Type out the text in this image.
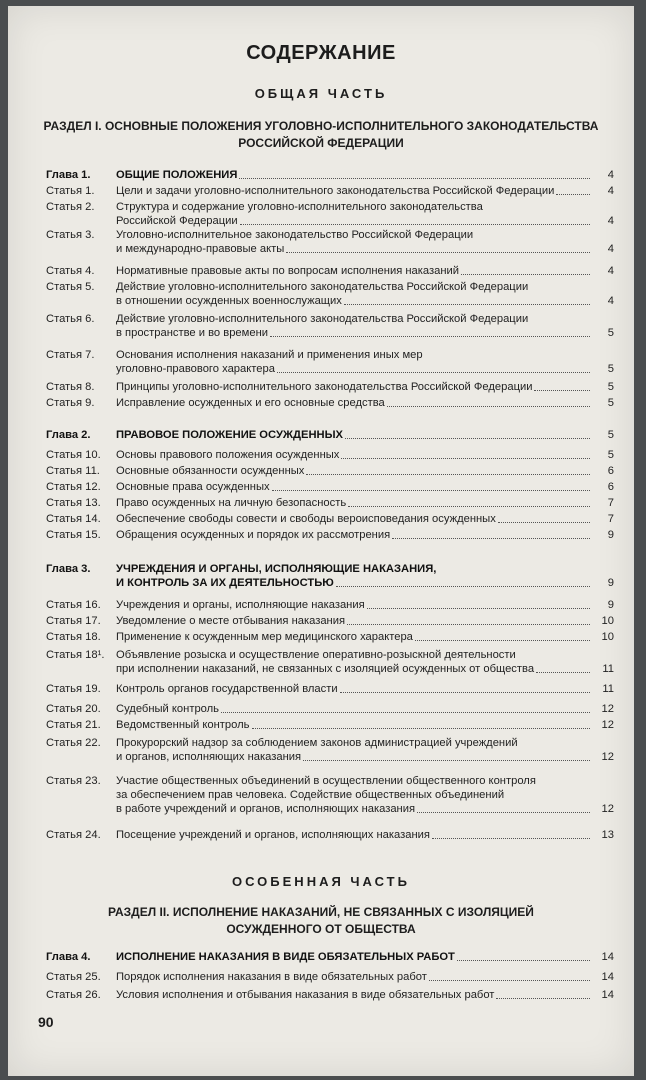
СОДЕРЖАНИЕ
ОБЩАЯ ЧАСТЬ
РАЗДЕЛ I. ОСНОВНЫЕ ПОЛОЖЕНИЯ УГОЛОВНО-ИСПОЛНИТЕЛЬНОГО ЗАКОНОДАТЕЛЬСТВА
РОССИЙСКОЙ ФЕДЕРАЦИИ
Глава 1.	ОБЩИЕ ПОЛОЖЕНИЯ	4
Статья 1.	Цели и задачи уголовно-исполнительного законодательства Российской Федерации	4
Статья 2.	Структура и содержание уголовно-исполнительного законодательства
Российской Федерации	4
Статья 3.	Уголовно-исполнительное законодательство Российской Федерации
и международно-правовые акты	4
Статья 4.	Нормативные правовые акты по вопросам исполнения наказаний	4
Статья 5.	Действие уголовно-исполнительного законодательства Российской Федерации
в отношении осужденных военнослужащих	4
Статья 6.	Действие уголовно-исполнительного законодательства Российской Федерации
в пространстве и во времени	5
Статья 7.	Основания исполнения наказаний и применения иных мер
уголовно-правового характера	5
Статья 8.	Принципы уголовно-исполнительного законодательства Российской Федерации	5
Статья 9.	Исправление осужденных и его основные средства	5
Глава 2.	ПРАВОВОЕ ПОЛОЖЕНИЕ ОСУЖДЕННЫХ	5
Статья 10.	Основы правового положения осужденных	5
Статья 11.	Основные обязанности осужденных	6
Статья 12.	Основные права осужденных	6
Статья 13.	Право осужденных на личную безопасность	7
Статья 14.	Обеспечение свободы совести и свободы вероисповедания осужденных	7
Статья 15.	Обращения осужденных и порядок их рассмотрения	9
Глава 3.	УЧРЕЖДЕНИЯ И ОРГАНЫ, ИСПОЛНЯЮЩИЕ НАКАЗАНИЯ,
И КОНТРОЛЬ ЗА ИХ ДЕЯТЕЛЬНОСТЬЮ	9
Статья 16.	Учреждения и органы, исполняющие наказания	9
Статья 17.	Уведомление о месте отбывания наказания	10
Статья 18.	Применение к осужденным мер медицинского характера	10
Статья 18¹.	Объявление розыска и осуществление оперативно-розыскной деятельности
при исполнении наказаний, не связанных с изоляцией осужденных от общества	11
Статья 19.	Контроль органов государственной власти	11
Статья 20.	Судебный контроль	12
Статья 21.	Ведомственный контроль	12
Статья 22.	Прокурорский надзор за соблюдением законов администрацией учреждений
и органов, исполняющих наказания	12
Статья 23.	Участие общественных объединений в осуществлении общественного контроля
за обеспечением прав человека. Содействие общественных объединений
в работе учреждений и органов, исполняющих наказания	12
Статья 24.	Посещение учреждений и органов, исполняющих наказания	13
ОСОБЕННАЯ ЧАСТЬ
РАЗДЕЛ II. ИСПОЛНЕНИЕ НАКАЗАНИЙ, НЕ СВЯЗАННЫХ С ИЗОЛЯЦИЕЙ
ОСУЖДЕННОГО ОТ ОБЩЕСТВА
Глава 4.	ИСПОЛНЕНИЕ НАКАЗАНИЯ В ВИДЕ ОБЯЗАТЕЛЬНЫХ РАБОТ	14
Статья 25.	Порядок исполнения наказания в виде обязательных работ	14
Статья 26.	Условия исполнения и отбывания наказания в виде обязательных работ	14
90
